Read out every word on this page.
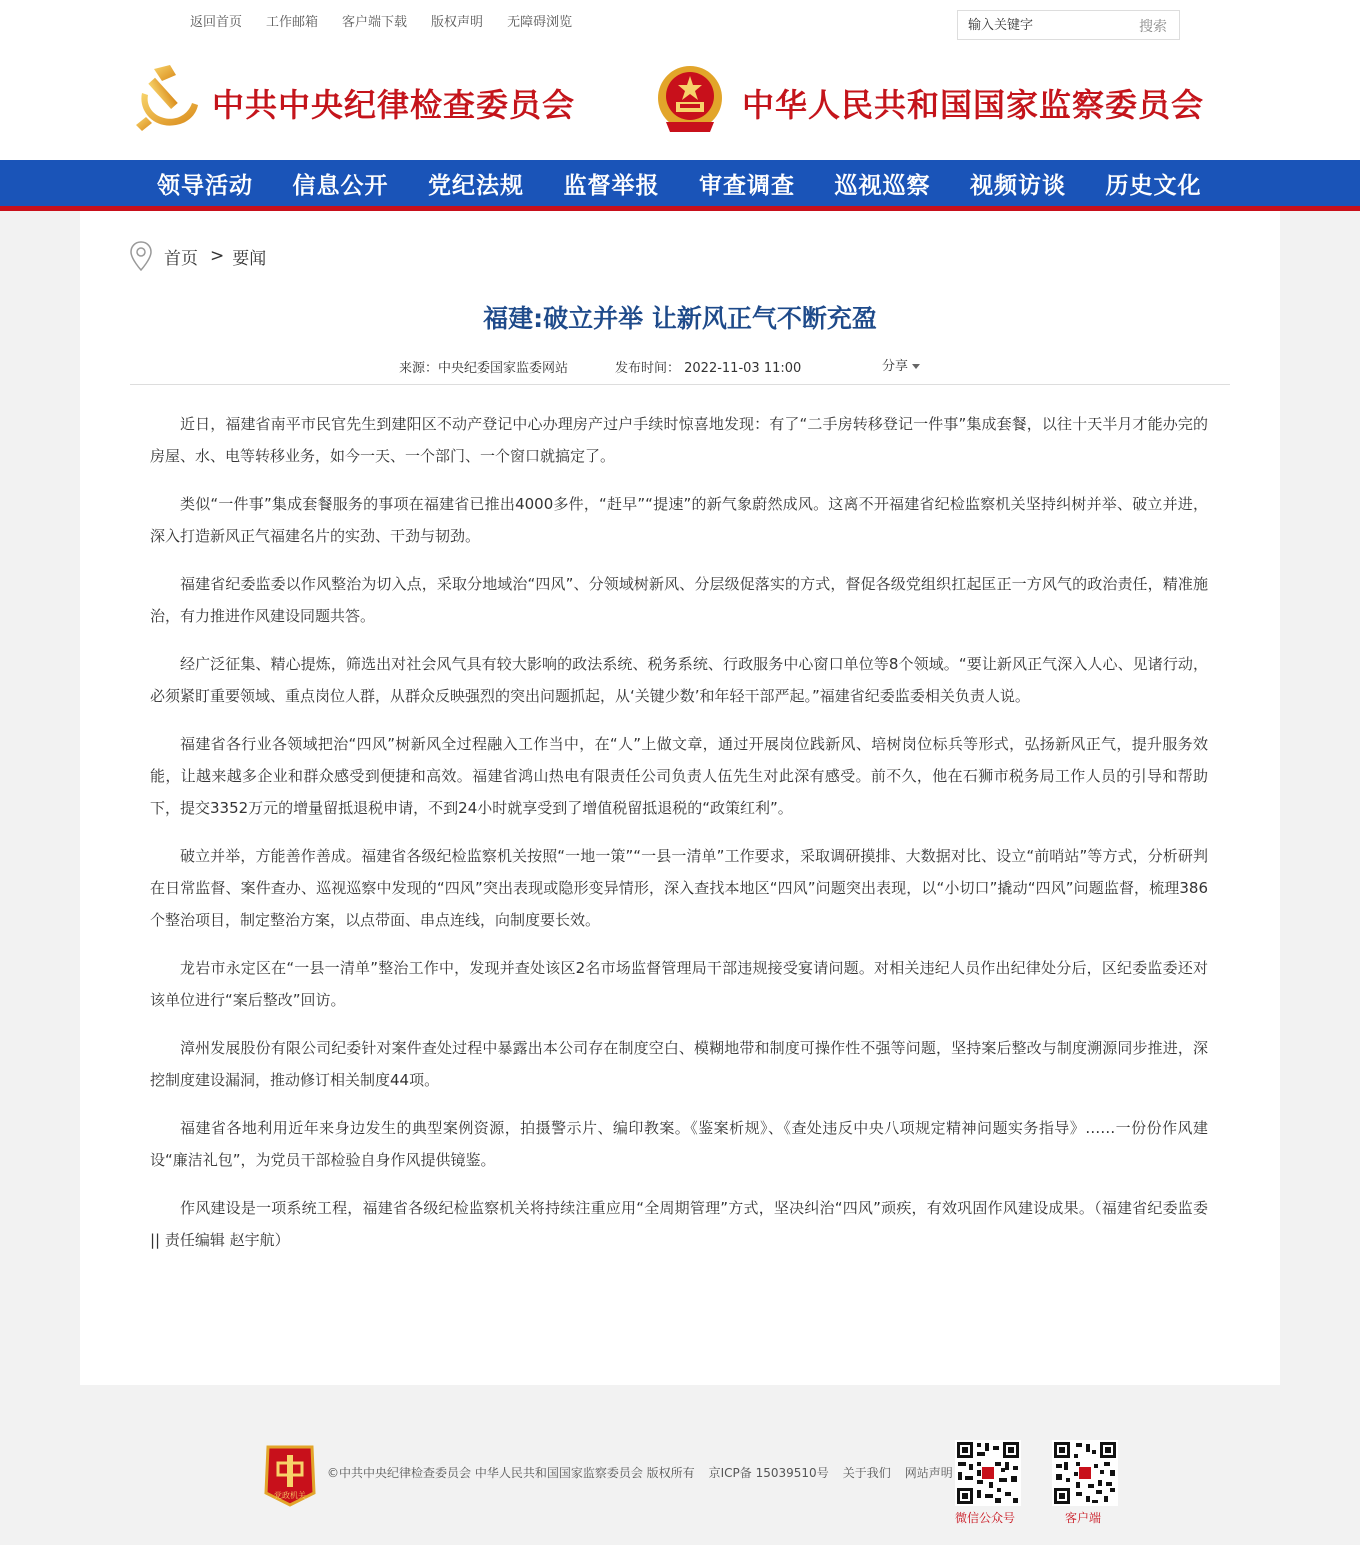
返回首页 工作邮箱 客户端下载 版权声明 无障碍浏览
输入关键字	搜索
中共中央纪律检查委员会	中华人民共和国国家监察委员会
领导活动	信息公开	党纪法规	监督举报	审查调查	巡视巡察	视频访谈	历史文化
首页 > 要闻
福建:破立并举 让新风正气不断充盈
来源：中央纪委国家监委网站	发布时间： 2022-11-03 11:00	分享

近日，福建省南平市民官先生到建阳区不动产登记中心办理房产过户手续时惊喜地发现：有了“二手房转移登记一件事”集成套餐，以往十天半月才能办完的房屋、水、电等转移业务，如今一天、一个部门、一个窗口就搞定了。

类似“一件事”集成套餐服务的事项在福建省已推出4000多件，“赶早”“提速”的新气象蔚然成风。这离不开福建省纪检监察机关坚持纠树并举、破立并进，深入打造新风正气福建名片的实劲、干劲与韧劲。

福建省纪委监委以作风整治为切入点，采取分地域治“四风”、分领域树新风、分层级促落实的方式，督促各级党组织扛起匡正一方风气的政治责任，精准施治，有力推进作风建设同题共答。

经广泛征集、精心提炼，筛选出对社会风气具有较大影响的政法系统、税务系统、行政服务中心窗口单位等8个领域。“要让新风正气深入人心、见诸行动，必须紧盯重要领域、重点岗位人群，从群众反映强烈的突出问题抓起，从‘关键少数’和年轻干部严起。”福建省纪委监委相关负责人说。

福建省各行业各领域把治“四风”树新风全过程融入工作当中，在“人”上做文章，通过开展岗位践新风、培树岗位标兵等形式，弘扬新风正气，提升服务效能，让越来越多企业和群众感受到便捷和高效。福建省鸿山热电有限责任公司负责人伍先生对此深有感受。前不久，他在石狮市税务局工作人员的引导和帮助下，提交3352万元的增量留抵退税申请，不到24小时就享受到了增值税留抵退税的“政策红利”。

破立并举，方能善作善成。福建省各级纪检监察机关按照“一地一策”“一县一清单”工作要求，采取调研摸排、大数据对比、设立“前哨站”等方式，分析研判在日常监督、案件查办、巡视巡察中发现的“四风”突出表现或隐形变异情形，深入查找本地区“四风”问题突出表现，以“小切口”撬动“四风”问题监督，梳理386个整治项目，制定整治方案，以点带面、串点连线，向制度要长效。

龙岩市永定区在“一县一清单”整治工作中，发现并查处该区2名市场监督管理局干部违规接受宴请问题。对相关违纪人员作出纪律处分后，区纪委监委还对该单位进行“案后整改”回访。

漳州发展股份有限公司纪委针对案件查处过程中暴露出本公司存在制度空白、模糊地带和制度可操作性不强等问题，坚持案后整改与制度溯源同步推进，深挖制度建设漏洞，推动修订相关制度44项。

福建省各地利用近年来身边发生的典型案例资源，拍摄警示片、编印教案。《鉴案析规》、《查处违反中央八项规定精神问题实务指导》……一份份作风建设“廉洁礼包”，为党员干部检验自身作风提供镜鉴。

作风建设是一项系统工程，福建省各级纪检监察机关将持续注重应用“全周期管理”方式，坚决纠治“四风”顽疾，有效巩固作风建设成果。（福建省纪委监委 || 责任编辑 赵宇航）

党政机关
©中共中央纪律检查委员会 中华人民共和国国家监察委员会 版权所有 京ICP备 15039510号 关于我们 网站声明
微信公众号	客户端
